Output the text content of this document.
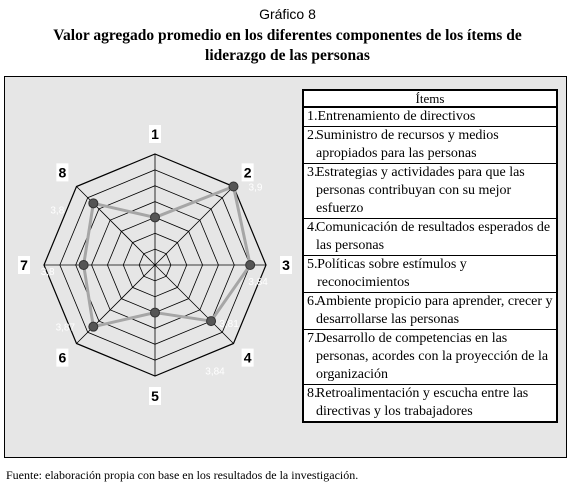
Gráfico 8
Valor agregado promedio en los diferentes componentes de los ítems de
liderazgo de las personas
1
2
3
4
5
6
7
8
3,9
3,84
3,81
3,84
3,87
3,8
3,8
Ítems
1. Entrenamiento de directivos
2.
Suministro de recursos y medios apropiados para las personas
3.
Estrategias y actividades para que las personas contribuyan con su mejor esfuerzo
4.
Comunicación de resultados esperados de las personas
5. Políticas sobre estímulos y reconocimientos
6.
Ambiente propicio para aprender, crecer y desarrollarse las personas
7.
Desarrollo de competencias en las personas, acordes con la proyección de la organización
8.
Retroalimentación y escucha entre las directivas y los trabajadores
Fuente: elaboración propia con base en los resultados de la investigación.
